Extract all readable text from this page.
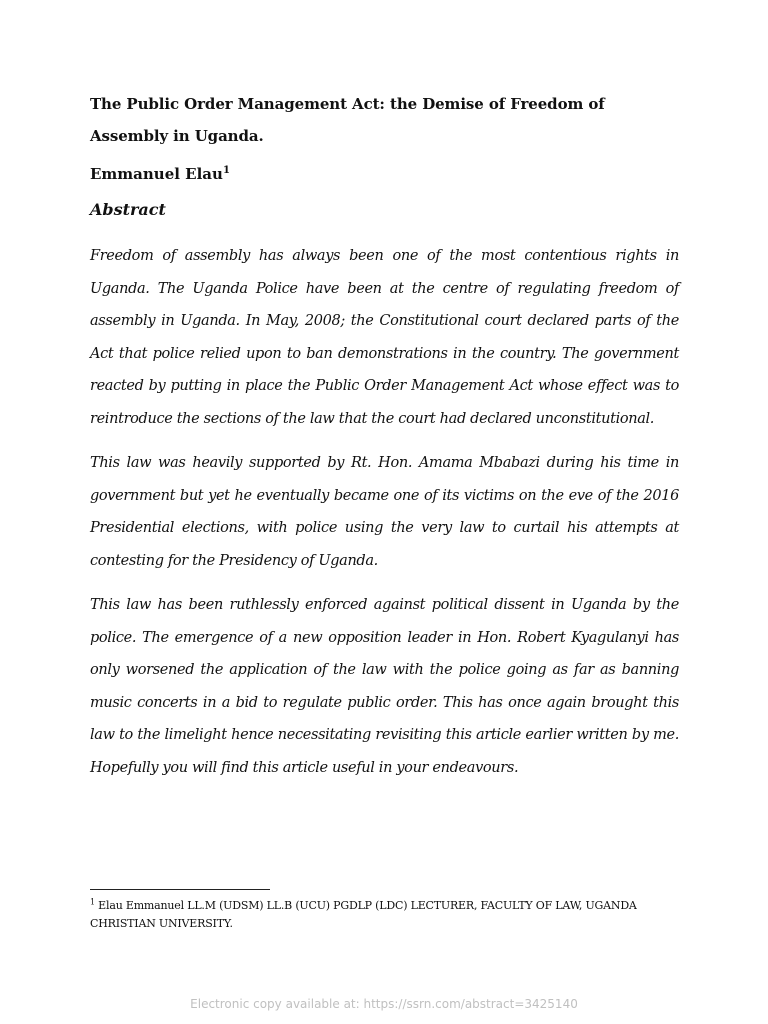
The Public Order Management Act: the Demise of Freedom of Assembly in Uganda.

Emmanuel Elau$^1$

Abstract

Freedom of assembly has always been one of the most contentious rights in Uganda. The Uganda Police have been at the centre of regulating freedom of assembly in Uganda. In May, 2008; the Constitutional court declared parts of the Act that police relied upon to ban demonstrations in the country. The government reacted by putting in place the Public Order Management Act whose effect was to reintroduce the sections of the law that the court had declared unconstitutional.

This law was heavily supported by Rt. Hon. Amama Mbabazi during his time in government but yet he eventually became one of its victims on the eve of the 2016 Presidential elections, with police using the very law to curtail his attempts at contesting for the Presidency of Uganda.

This law has been ruthlessly enforced against political dissent in Uganda by the police. The emergence of a new opposition leader in Hon. Robert Kyagulanyi has only worsened the application of the law with the police going as far as banning music concerts in a bid to regulate public order. This has once again brought this law to the limelight hence necessitating revisiting this article earlier written by me. Hopefully you will find this article useful in your endeavours.

$^1$ Elau Emmanuel LL.M (UDSM) LL.B (UCU) PGDLP (LDC) LECTURER, FACULTY OF LAW, UGANDA CHRISTIAN UNIVERSITY.

Electronic copy available at: https://ssrn.com/abstract=3425140
